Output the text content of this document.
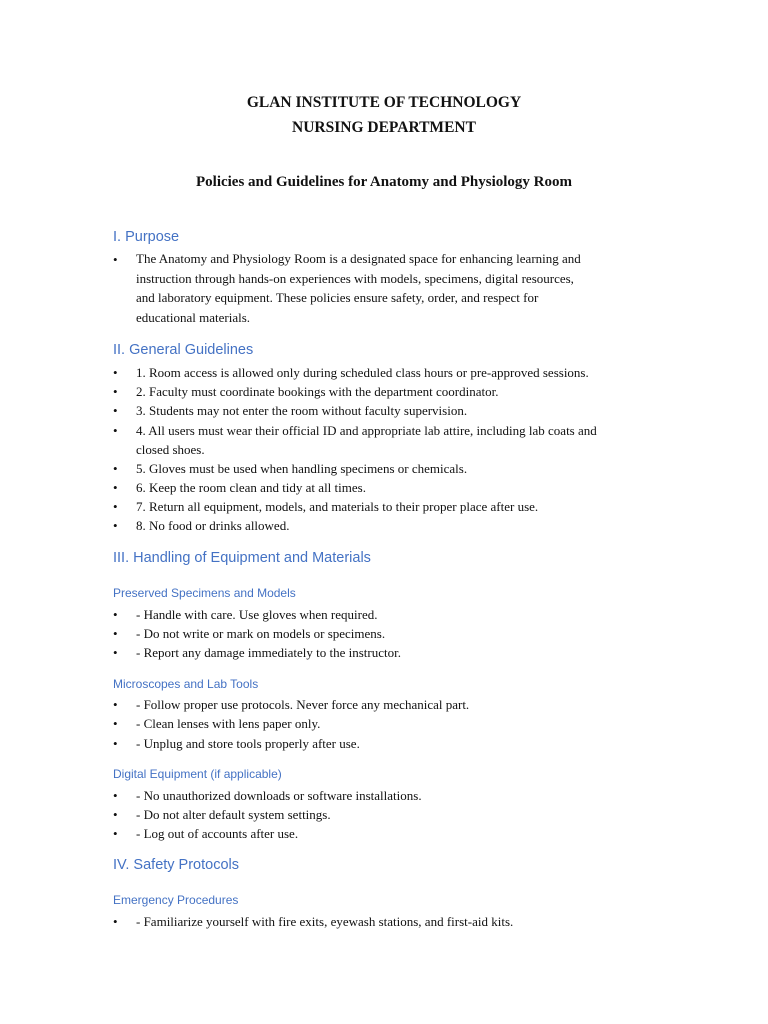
GLAN INSTITUTE OF TECHNOLOGY
NURSING DEPARTMENT
Policies and Guidelines for Anatomy and Physiology Room
I. Purpose
• The Anatomy and Physiology Room is a designated space for enhancing learning and
instruction through hands-on experiences with models, specimens, digital resources,
and laboratory equipment. These policies ensure safety, order, and respect for
educational materials.
II. General Guidelines
• 1. Room access is allowed only during scheduled class hours or pre-approved sessions.
• 2. Faculty must coordinate bookings with the department coordinator.
• 3. Students may not enter the room without faculty supervision.
• 4. All users must wear their official ID and appropriate lab attire, including lab coats and
closed shoes.
• 5. Gloves must be used when handling specimens or chemicals.
• 6. Keep the room clean and tidy at all times.
• 7. Return all equipment, models, and materials to their proper place after use.
• 8. No food or drinks allowed.
III. Handling of Equipment and Materials
Preserved Specimens and Models
• - Handle with care. Use gloves when required.
• - Do not write or mark on models or specimens.
• - Report any damage immediately to the instructor.
Microscopes and Lab Tools
• - Follow proper use protocols. Never force any mechanical part.
• - Clean lenses with lens paper only.
• - Unplug and store tools properly after use.
Digital Equipment (if applicable)
• - No unauthorized downloads or software installations.
• - Do not alter default system settings.
• - Log out of accounts after use.
IV. Safety Protocols
Emergency Procedures
• - Familiarize yourself with fire exits, eyewash stations, and first-aid kits.
